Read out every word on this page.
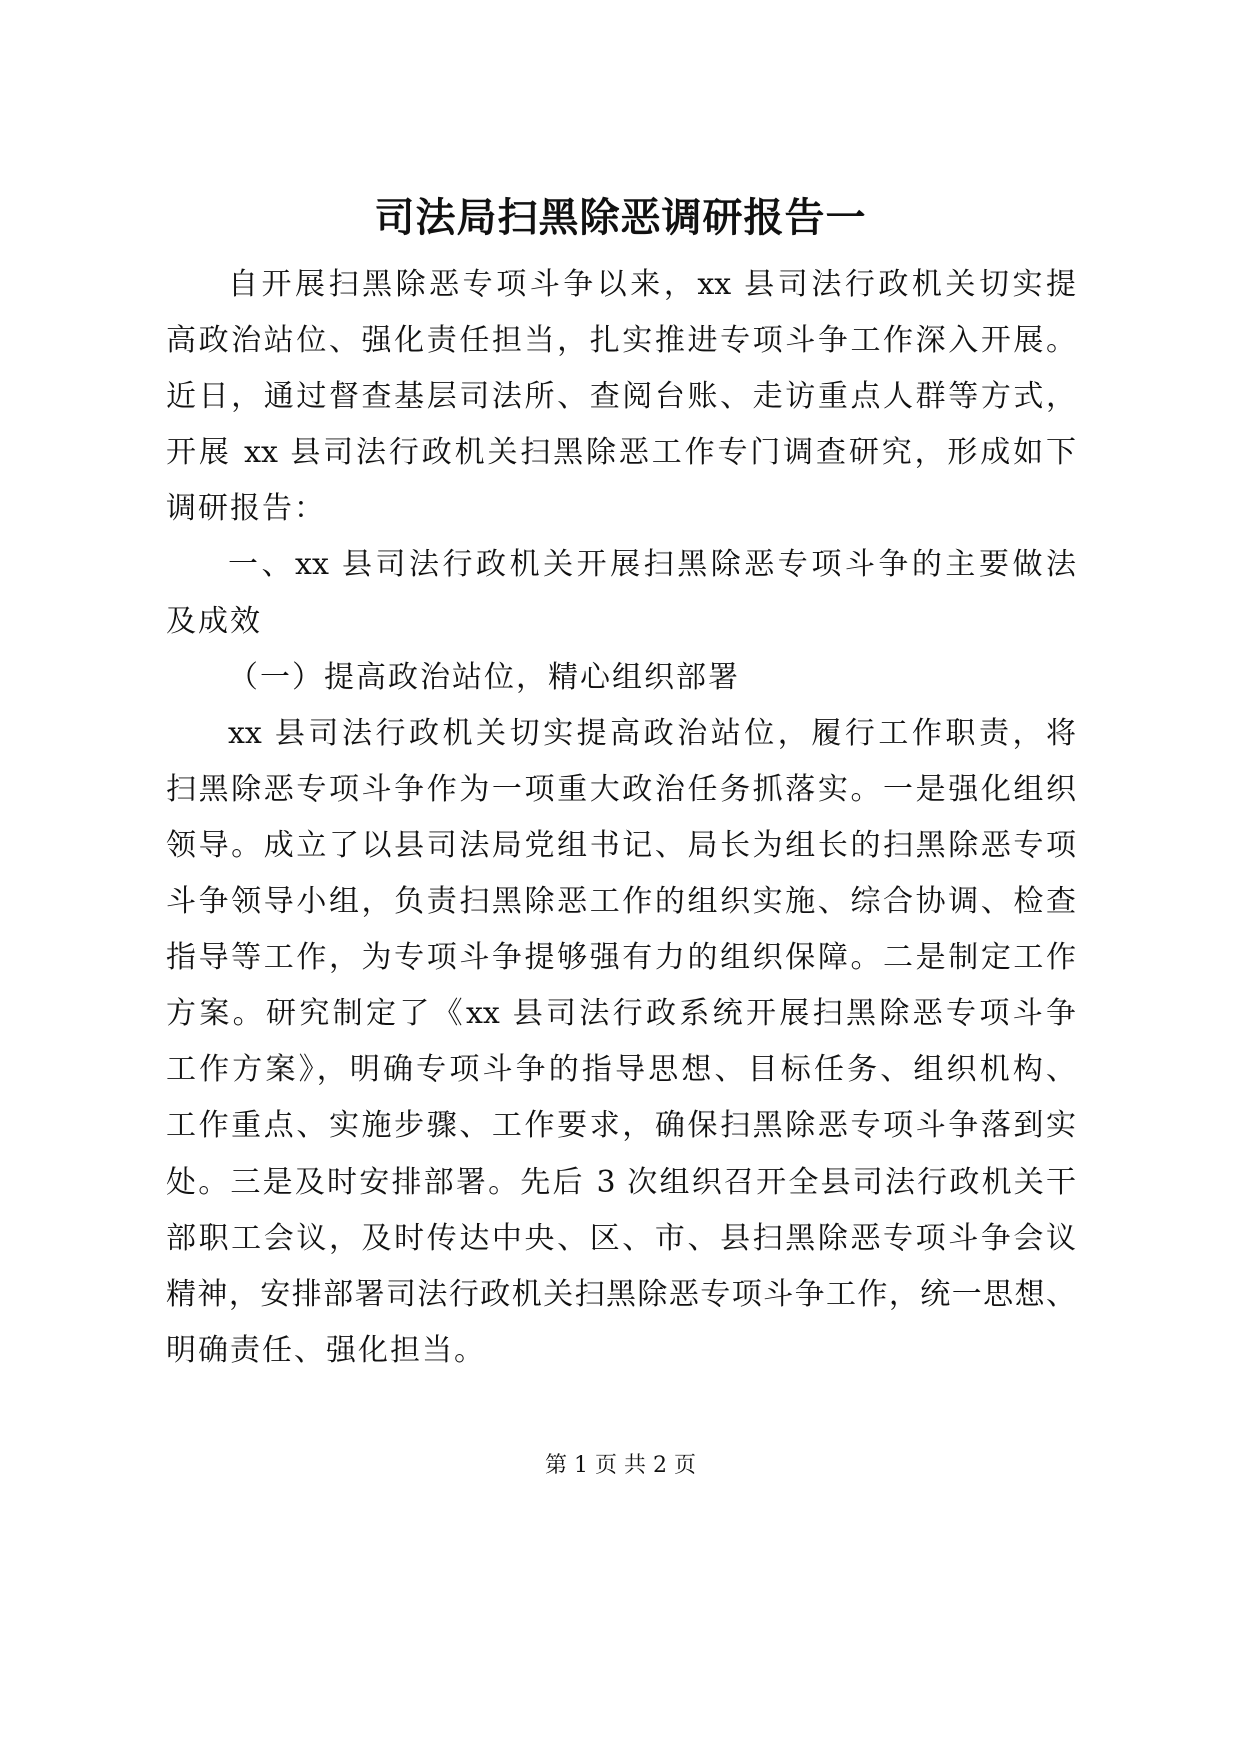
司法局扫黑除恶调研报告一
自开展扫黑除恶专项斗争以来，xx 县司法行政机关切实提
高政治站位、强化责任担当，扎实推进专项斗争工作深入开展。
近日，通过督查基层司法所、查阅台账、走访重点人群等方式，
开展 xx 县司法行政机关扫黑除恶工作专门调查研究，形成如下
调研报告：
一、xx 县司法行政机关开展扫黑除恶专项斗争的主要做法
及成效
（一）提高政治站位，精心组织部署
xx 县司法行政机关切实提高政治站位，履行工作职责，将
扫黑除恶专项斗争作为一项重大政治任务抓落实。一是强化组织
领导。成立了以县司法局党组书记、局长为组长的扫黑除恶专项
斗争领导小组，负责扫黑除恶工作的组织实施、综合协调、检查
指导等工作，为专项斗争提够强有力的组织保障。二是制定工作
方案。研究制定了《xx 县司法行政系统开展扫黑除恶专项斗争
工作方案》，明确专项斗争的指导思想、目标任务、组织机构、
工作重点、实施步骤、工作要求，确保扫黑除恶专项斗争落到实
处。三是及时安排部署。先后 3 次组织召开全县司法行政机关干
部职工会议，及时传达中央、区、市、县扫黑除恶专项斗争会议
精神，安排部署司法行政机关扫黑除恶专项斗争工作，统一思想、
明确责任、强化担当。
第 1 页 共 2 页
